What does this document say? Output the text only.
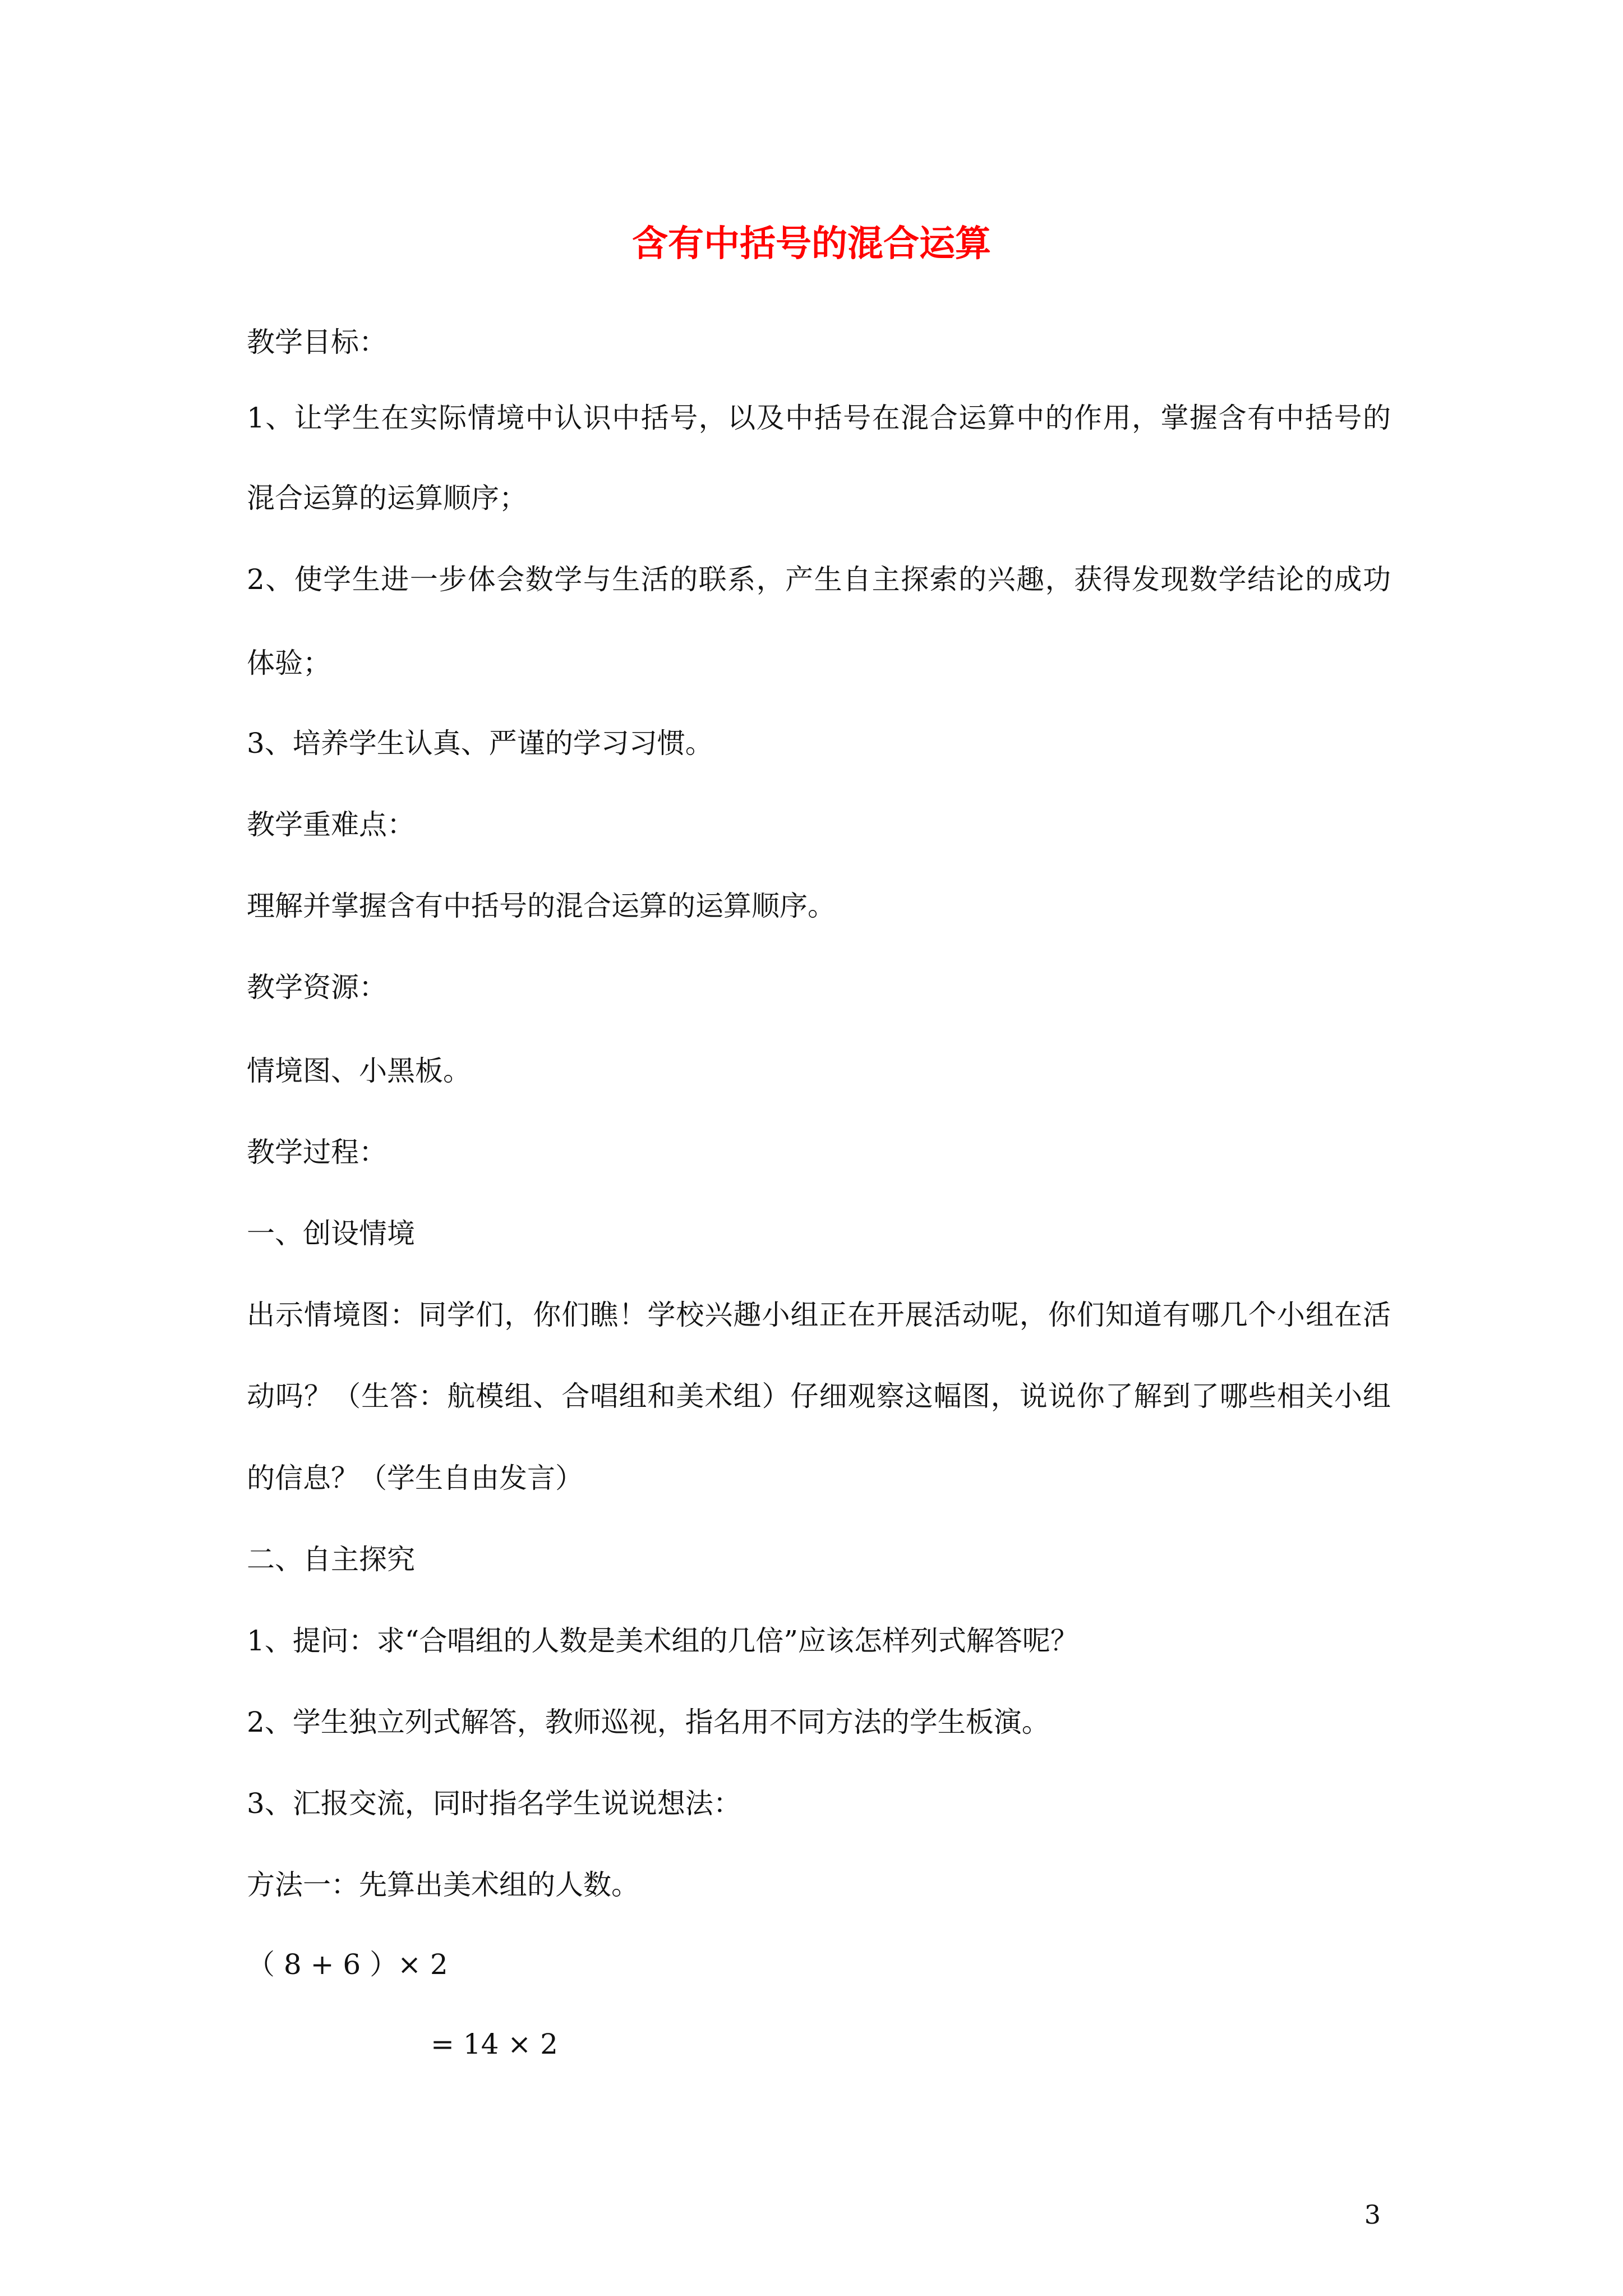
含有中括号的混合运算
教学目标：
1、让学生在实际情境中认识中括号，以及中括号在混合运算中的作用，掌握含有中括号的
混合运算的运算顺序；
2、使学生进一步体会数学与生活的联系，产生自主探索的兴趣，获得发现数学结论的成功
体验；
3、培养学生认真、严谨的学习习惯。
教学重难点：
理解并掌握含有中括号的混合运算的运算顺序。
教学资源：
情境图、小黑板。
教学过程：
一、创设情境
出示情境图：同学们，你们瞧！学校兴趣小组正在开展活动呢，你们知道有哪几个小组在活
动吗？（生答：航模组、合唱组和美术组）仔细观察这幅图，说说你了解到了哪些相关小组
的信息？（学生自由发言）
二、自主探究
1、提问：求“合唱组的人数是美术组的几倍”应该怎样列式解答呢？
2、学生独立列式解答，教师巡视，指名用不同方法的学生板演。
3、汇报交流，同时指名学生说说想法：
方法一：先算出美术组的人数。
（ 8 + 6 ）× 2
= 14 × 2
3
